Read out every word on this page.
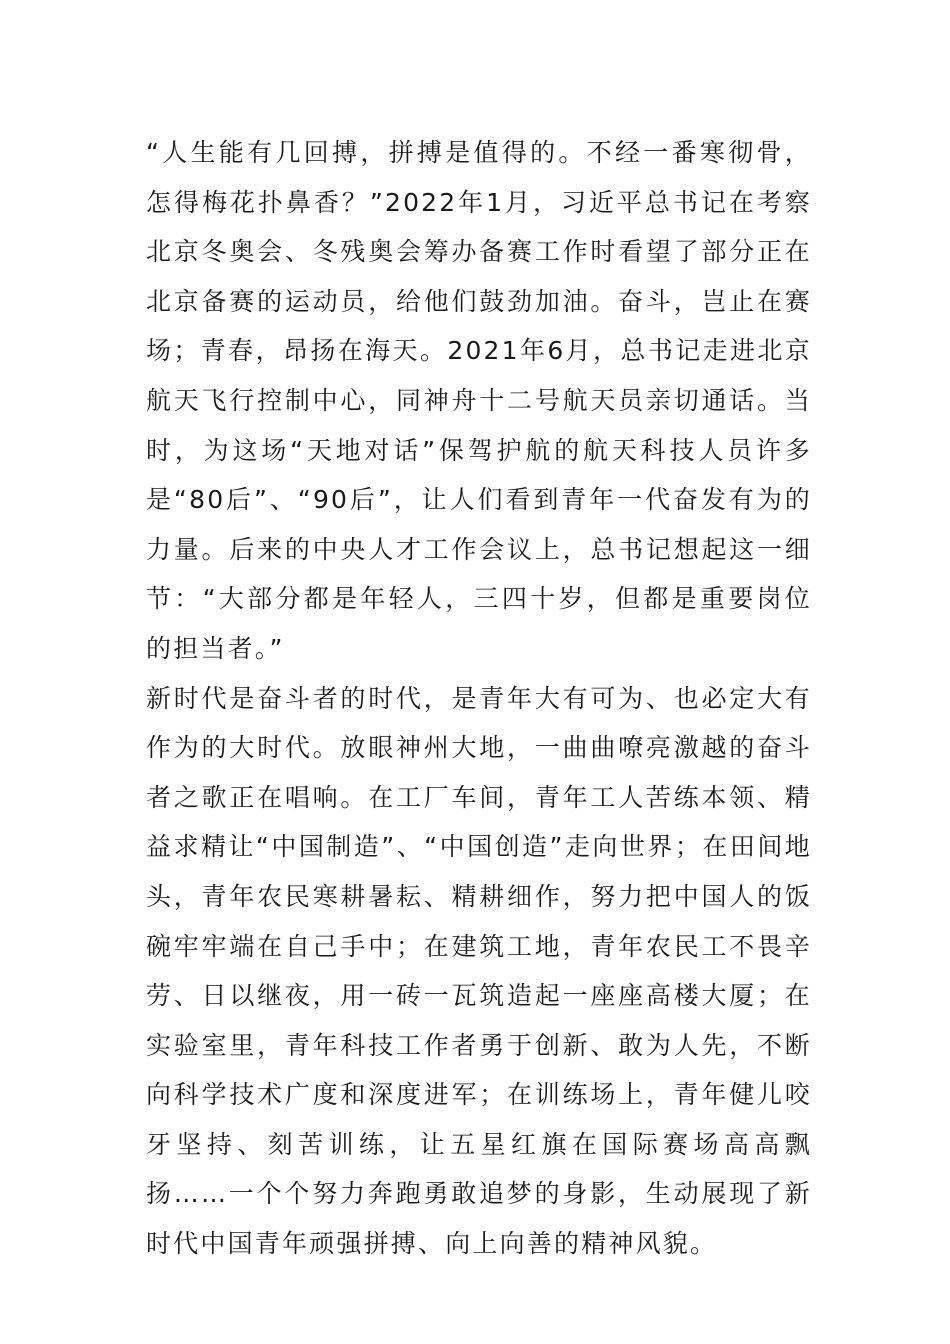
“人生能有几回搏，拼搏是值得的。不经一番寒彻骨，怎得梅花扑鼻香？”2022年1月，习近平总书记在考察北京冬奥会、冬残奥会筹办备赛工作时看望了部分正在北京备赛的运动员，给他们鼓劲加油。奋斗，岂止在赛场；青春，昂扬在海天。2021年6月，总书记走进北京航天飞行控制中心，同神舟十二号航天员亲切通话。当时，为这场“天地对话”保驾护航的航天科技人员许多是“80后”、“90后”，让人们看到青年一代奋发有为的力量。后来的中央人才工作会议上，总书记想起这一细节：“大部分都是年轻人，三四十岁，但都是重要岗位的担当者。”

新时代是奋斗者的时代，是青年大有可为、也必定大有作为的大时代。放眼神州大地，一曲曲嘹亮激越的奋斗者之歌正在唱响。在工厂车间，青年工人苦练本领、精益求精让“中国制造”、“中国创造”走向世界；在田间地头，青年农民寒耕暑耘、精耕细作，努力把中国人的饭碗牢牢端在自己手中；在建筑工地，青年农民工不畏辛劳、日以继夜，用一砖一瓦筑造起一座座高楼大厦；在实验室里，青年科技工作者勇于创新、敢为人先，不断向科学技术广度和深度进军；在训练场上，青年健儿咬牙坚持、刻苦训练，让五星红旗在国际赛场高高飘扬……一个个努力奔跑勇敢追梦的身影，生动展现了新时代中国青年顽强拼搏、向上向善的精神风貌。
